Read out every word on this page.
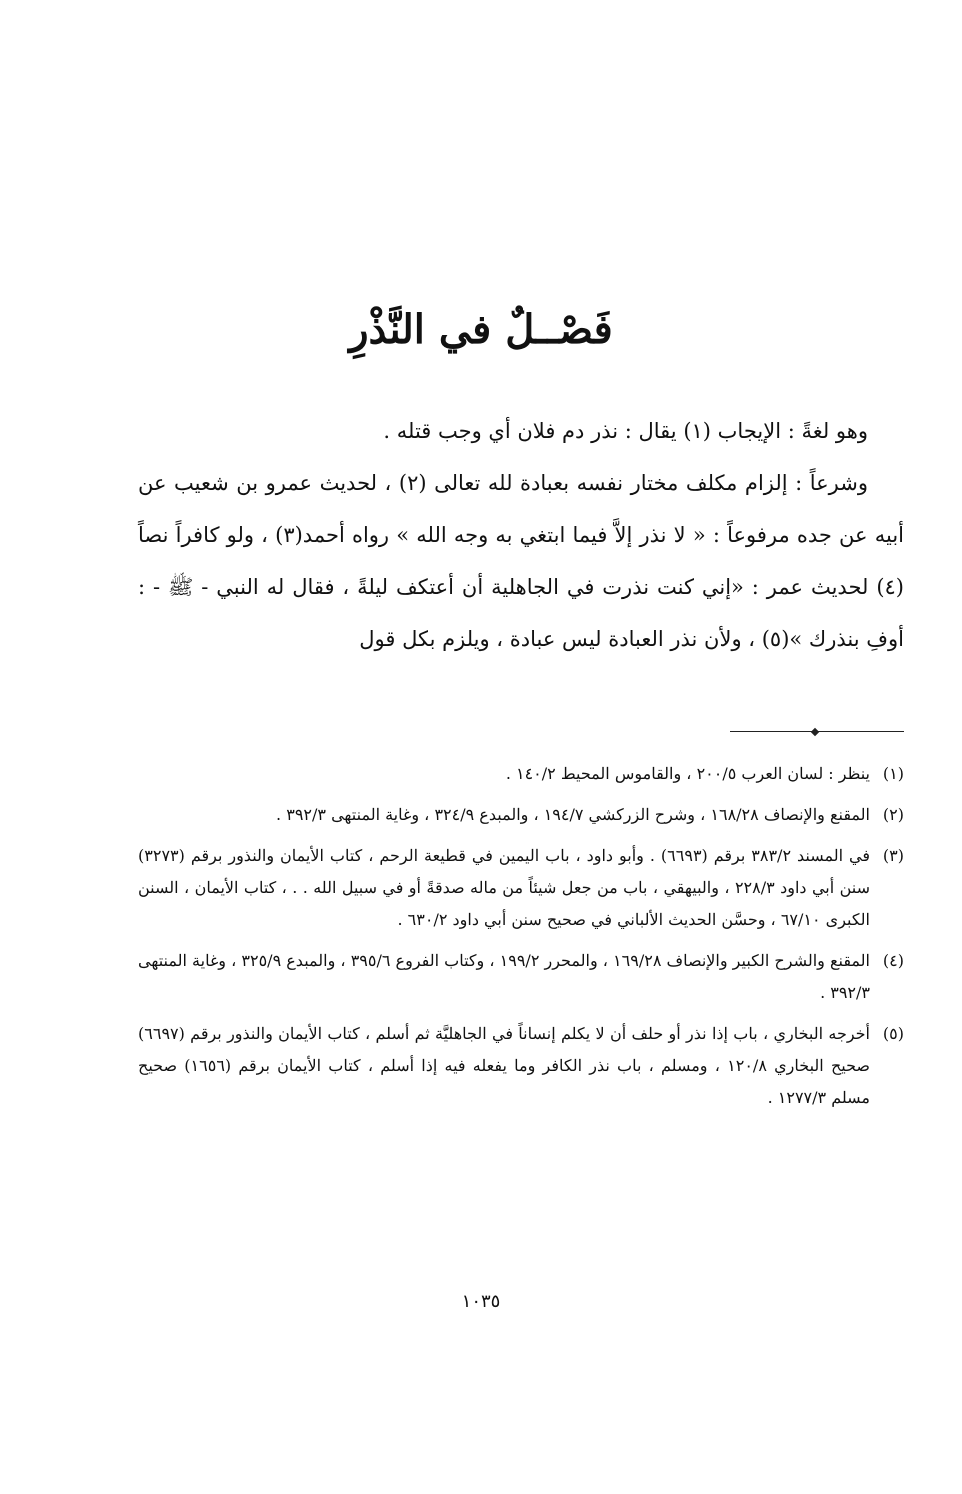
فَصْــلٌ في النَّذْرِ

وهو لغةً : الإيجاب (١) يقال : نذر دم فلان أي وجب قتله .

وشرعاً : إلزام مكلف مختار نفسه بعبادة لله تعالى (٢) ، لحديث عمرو بن شعيب عن أبيه عن جده مرفوعاً : « لا نذر إلاَّ فيما ابتغي به وجه الله » رواه أحمد(٣) ، ولو كافراً نصاً (٤) لحديث عمر : «إني كنت نذرت في الجاهلية أن أعتكف ليلةً ، فقال له النبي - ﷺ - : أوفِ بنذرك »(٥) ، ولأن نذر العبادة ليس عبادة ، ويلزم بكل قول

(١)
ينظر : لسان العرب ٢٠٠/٥ ، والقاموس المحيط ١٤٠/٢ .

(٢)
المقنع والإنصاف ١٦٨/٢٨ ، وشرح الزركشي ١٩٤/٧ ، والمبدع ٣٢٤/٩ ، وغاية المنتهى ٣٩٢/٣ .

(٣)
في المسند ٣٨٣/٢ برقم (٦٦٩٣) . وأبو داود ، باب اليمين في قطيعة الرحم ، كتاب الأيمان والنذور برقم (٣٢٧٣) سنن أبي داود ٢٢٨/٣ ، والبيهقي ، باب من جعل شيئاً من ماله صدقةً أو في سبيل الله . . ، كتاب الأيمان ، السنن الكبرى ٦٧/١٠ ، وحسَّن الحديث الألباني في صحيح سنن أبي داود ٦٣٠/٢ .

(٤)
المقنع والشرح الكبير والإنصاف ١٦٩/٢٨ ، والمحرر ١٩٩/٢ ، وكتاب الفروع ٣٩٥/٦ ، والمبدع ٣٢٥/٩ ، وغاية المنتهى ٣٩٢/٣ .

(٥)
أخرجه البخاري ، باب إذا نذر أو حلف أن لا يكلم إنساناً في الجاهليَّة ثم أسلم ، كتاب الأيمان والنذور برقم (٦٦٩٧) صحيح البخاري ١٢٠/٨ ، ومسلم ، باب نذر الكافر وما يفعله فيه إذا أسلم ، كتاب الأيمان برقم (١٦٥٦) صحيح مسلم ١٢٧٧/٣ .

١٠٣٥
